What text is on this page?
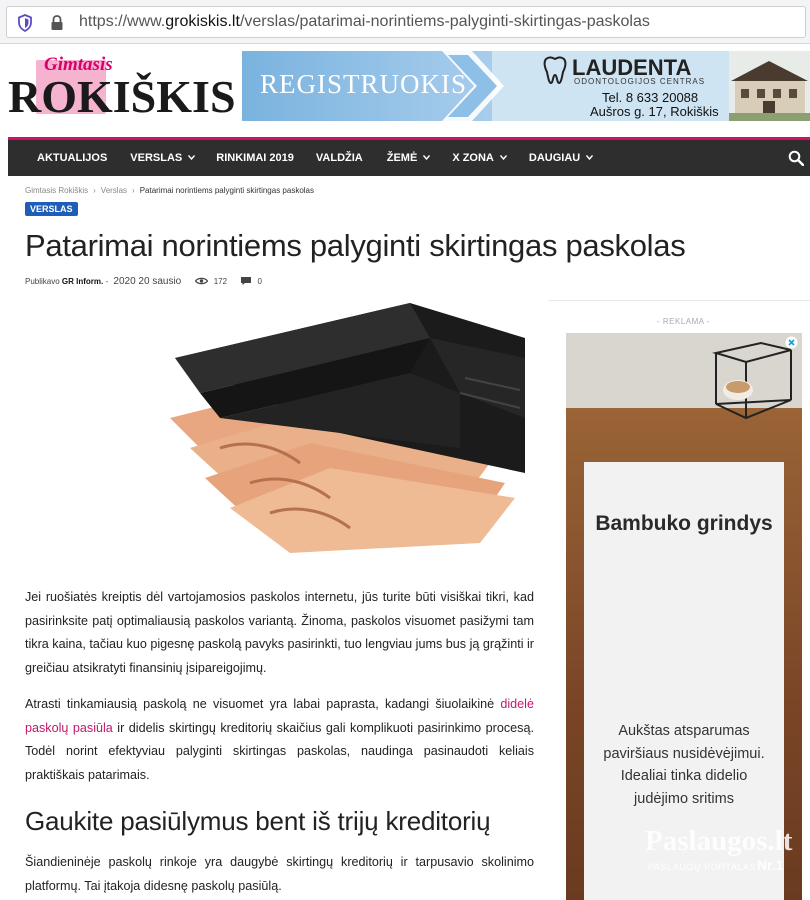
https://www.grokiskis.lt/verslas/patarimai-norintiems-palyginti-skirtingas-paskolas
Gimtasis
ROKIŠKIS REGISTRUOKIS
LAUDENTA
ODONTOLOGIJOS CENTRAS
Tel. 8 633 20088
Aušros g. 17, Rokiškis
AKTUALIJOS VERSLAS	RINKIMAI 2019 VALDŽIA ŽEMĖ	X ZONA	DAUGIAU
Gimtasis Rokiškis › Verslas › Patarimai norintiems palyginti skirtingas paskolas
VERSLAS
Patarimai norintiems palyginti skirtingas paskolas
Publikavo GR Inform. - 2020 20 sausio	172	0
Jei ruošiatės kreiptis dėl vartojamosios paskolos internetu, jūs turite būti visiškai tikri, kad pasirinksite patį optimaliausią paskolos variantą. Žinoma, paskolos visuomet pasižymi tam tikra kaina, tačiau kuo pigesnę paskolą pavyks pasirinkti, tuo lengviau jums bus ją grąžinti ir greičiau atsikratyti finansinių įsipareigojimų.
Atrasti tinkamiausią paskolą ne visuomet yra labai paprasta, kadangi šiuolaikinė didelė paskolų pasiūla ir didelis skirtingų kreditorių skaičius gali komplikuoti pasirinkimo procesą. Todėl norint efektyviau palyginti skirtingas paskolas, naudinga pasinaudoti keliais praktiškais patarimais.
Gaukite pasiūlymus bent iš trijų kreditorių
Šiandieninėje paskolų rinkoje yra daugybė skirtingų kreditorių ir tarpusavio skolinimo platformų. Tai įtakoja didesnę paskolų pasiūlą.
- REKLAMA -
Bambuko grindys
Aukštas atsparumas paviršiaus nusidėvėjimui. Idealiai tinka didelio judėjimo sritims
Paslaugos.lt
PASLAUGŲ PORTALAS Nr.1
